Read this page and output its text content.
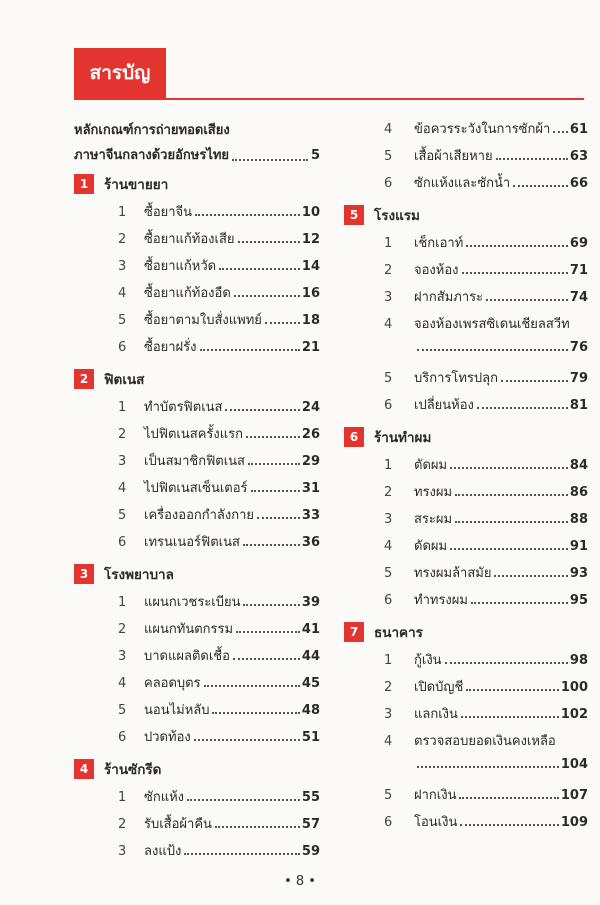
สารบัญ
หลักเกณฑ์การถ่ายทอดเสียง
ภาษาจีนกลางด้วยอักษรไทย	5
1	ร้านขายยา
1	ซื้อยาจีน	10
2	ซื้อยาแก้ท้องเสีย	12
3	ซื้อยาแก้หวัด	14
4	ซื้อยาแก้ท้องอืด	16
5	ซื้อยาตามใบสั่งแพทย์	18
6	ซื้อยาฝรั่ง	21
2	ฟิตเนส
1	ทำบัตรฟิตเนส	24
2	ไปฟิตเนสครั้งแรก	26
3	เป็นสมาชิกฟิตเนส	29
4	ไปฟิตเนสเซ็นเตอร์	31
5	เครื่องออกกำลังกาย	33
6	เทรนเนอร์ฟิตเนส	36
3	โรงพยาบาล
1	แผนกเวชระเบียน	39
2	แผนกทันตกรรม	41
3	บาดแผลติดเชื้อ	44
4	คลอดบุตร	45
5	นอนไม่หลับ	48
6	ปวดท้อง	51
4	ร้านซักรีด
1	ซักแห้ง	55
2	รับเสื้อผ้าคืน	57
3	ลงแป้ง	59
4	ข้อควรระวังในการซักผ้า 61
5	เสื้อผ้าเสียหาย	63
6	ซักแห้งและซักน้ำ	66
5	โรงแรม
1	เช็กเอาท์	69
2	จองห้อง	71
3	ฝากสัมภาระ	74
4	จองห้องเพรสซิเดนเชียลสวีท
76
5	บริการโทรปลุก	79
6	เปลี่ยนห้อง	81
6	ร้านทำผม
1	ตัดผม	84
2	ทรงผม	86
3	สระผม	88
4	ดัดผม	91
5	ทรงผมล้าสมัย	93
6	ทำทรงผม	95
7	ธนาคาร
1	กู้เงิน	98
2	เปิดบัญชี	100
3	แลกเงิน	102
4	ตรวจสอบยอดเงินคงเหลือ
104
5	ฝากเงิน	107
6	โอนเงิน	109
• 8 •
